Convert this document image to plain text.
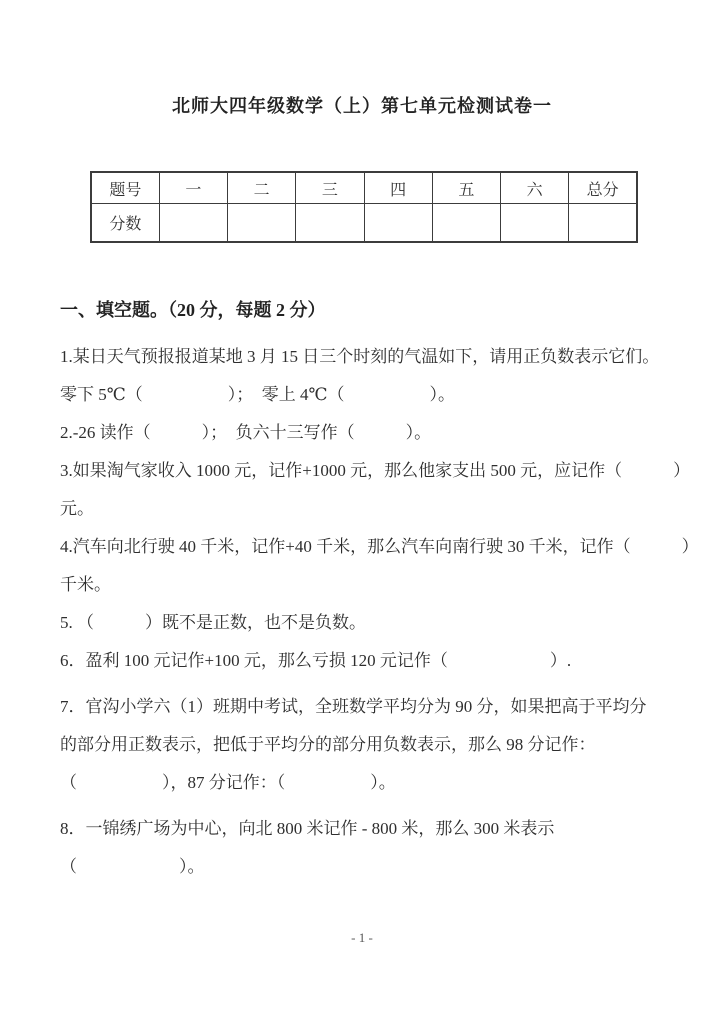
北师大四年级数学（上）第七单元检测试卷一
题号	一	二	三	四	五	六	总分
分数							
一、填空题。（20 分，每题 2 分）
1.某日天气预报报道某地 3 月 15 日三个时刻的气温如下，请用正负数表示它们。
零下 5℃（　　　　　）；　零上 4℃（　　　　　）。
2.-26 读作（　　　）；　负六十三写作（　　　）。
3.如果淘气家收入 1000 元，记作+1000 元，那么他家支出 500 元，应记作（　　　）
元。
4.汽车向北行驶 40 千米，记作+40 千米，那么汽车向南行驶 30 千米，记作（　　　）
千米。
5. （　　　）既不是正数，也不是负数。
6．盈利 100 元记作+100 元，那么亏损 120 元记作（　　　　　　）.
7．官沟小学六（1）班期中考试，全班数学平均分为 90 分，如果把高于平均分
的部分用正数表示，把低于平均分的部分用负数表示，那么 98 分记作：
（　　　　　），87 分记作：（　　　　　）。
8．一锦绣广场为中心，向北 800 米记作 - 800 米，那么 300 米表示
（　　　　　　）。
- 1 -
